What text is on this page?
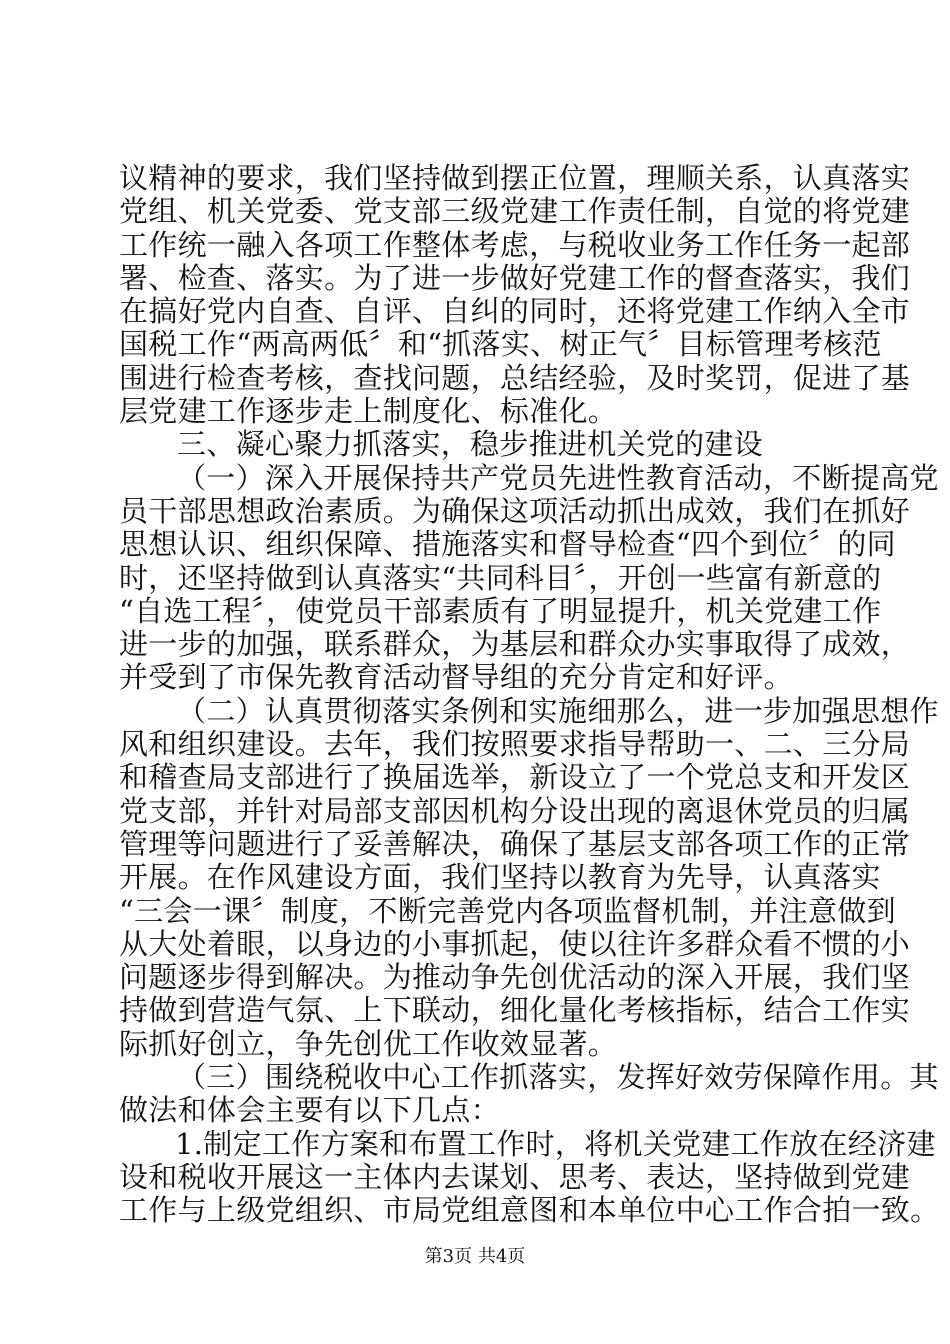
议精神的要求，我们坚持做到摆正位置，理顺关系，认真落实
党组、机关党委、党支部三级党建工作责任制，自觉的将党建
工作统一融入各项工作整体考虑，与税收业务工作任务一起部
署、检查、落实。为了进一步做好党建工作的督查落实，我们
在搞好党内自查、自评、自纠的同时，还将党建工作纳入全市
国税工作“两高两低〞和“抓落实、树正气〞目标管理考核范
围进行检查考核，查找问题，总结经验，及时奖罚，促进了基
层党建工作逐步走上制度化、标准化。
三、凝心聚力抓落实，稳步推进机关党的建设
（一）深入开展保持共产党员先进性教育活动，不断提高党
员干部思想政治素质。为确保这项活动抓出成效，我们在抓好
思想认识、组织保障、措施落实和督导检查“四个到位〞的同
时，还坚持做到认真落实“共同科目〞，开创一些富有新意的
“自选工程〞，使党员干部素质有了明显提升，机关党建工作
进一步的加强，联系群众，为基层和群众办实事取得了成效，
并受到了市保先教育活动督导组的充分肯定和好评。
（二）认真贯彻落实条例和实施细那么，进一步加强思想作
风和组织建设。去年，我们按照要求指导帮助一、二、三分局
和稽查局支部进行了换届选举，新设立了一个党总支和开发区
党支部，并针对局部支部因机构分设出现的离退休党员的归属
管理等问题进行了妥善解决，确保了基层支部各项工作的正常
开展。在作风建设方面，我们坚持以教育为先导，认真落实
“三会一课〞制度，不断完善党内各项监督机制，并注意做到
从大处着眼，以身边的小事抓起，使以往许多群众看不惯的小
问题逐步得到解决。为推动争先创优活动的深入开展，我们坚
持做到营造气氛、上下联动，细化量化考核指标，结合工作实
际抓好创立，争先创优工作收效显著。
（三）围绕税收中心工作抓落实，发挥好效劳保障作用。其
做法和体会主要有以下几点：
1.制定工作方案和布置工作时，将机关党建工作放在经济建
设和税收开展这一主体内去谋划、思考、表达，坚持做到党建
工作与上级党组织、市局党组意图和本单位中心工作合拍一致。
第3页 共4页
